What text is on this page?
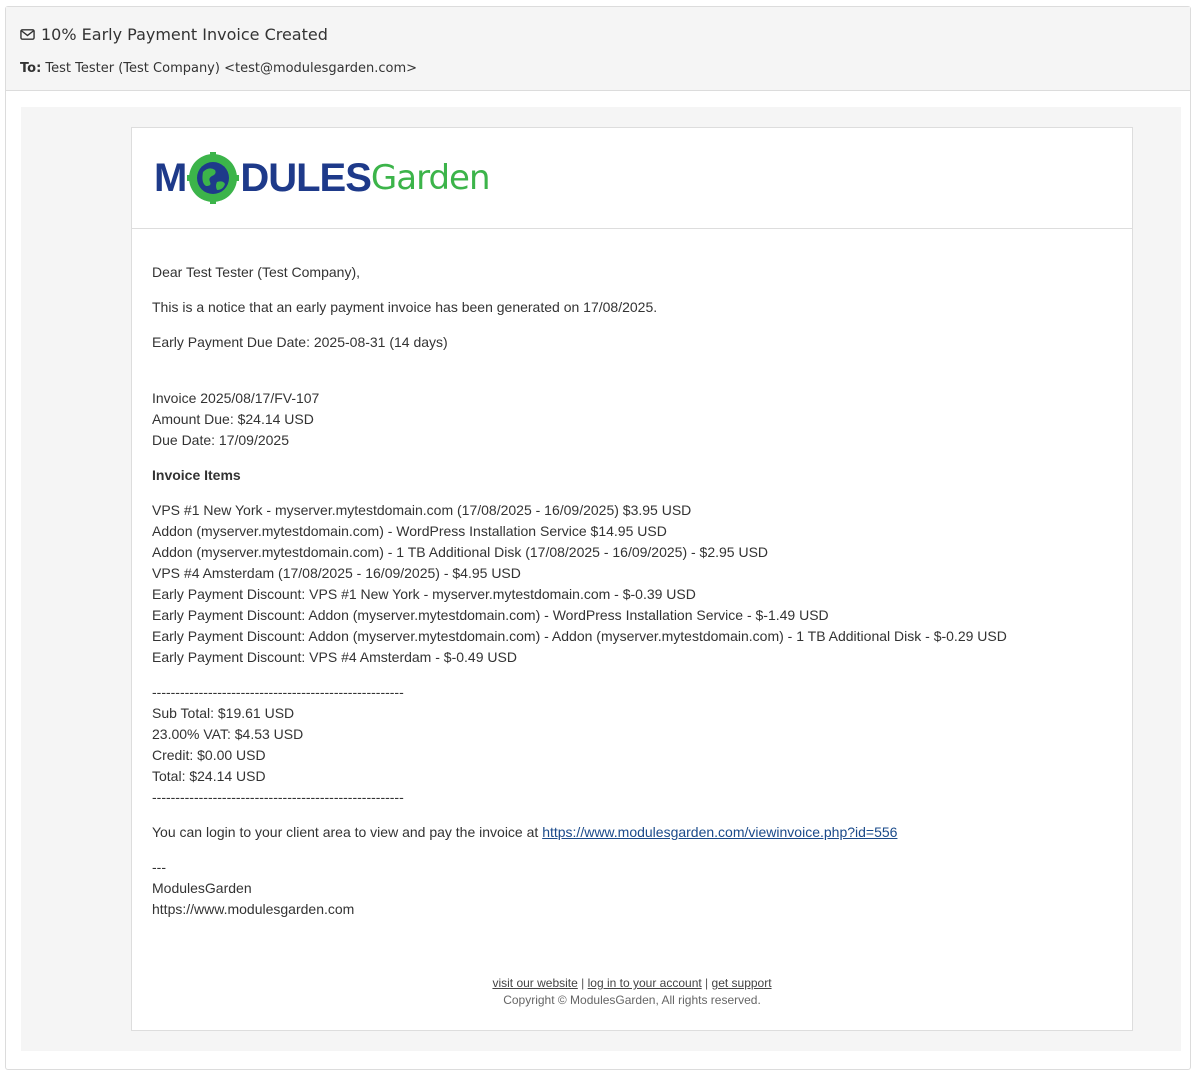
10% Early Payment Invoice Created
To: Test Tester (Test Company) <test@modulesgarden.com>
M DULES Garden
Dear Test Tester (Test Company),
This is a notice that an early payment invoice has been generated on 17/08/2025.
Early Payment Due Date: 2025-08-31 (14 days)
Invoice 2025/08/17/FV-107
Amount Due: $24.14 USD
Due Date: 17/09/2025
Invoice Items
VPS #1 New York - myserver.mytestdomain.com (17/08/2025 - 16/09/2025) $3.95 USD
Addon (myserver.mytestdomain.com) - WordPress Installation Service $14.95 USD
Addon (myserver.mytestdomain.com) - 1 TB Additional Disk (17/08/2025 - 16/09/2025) - $2.95 USD
VPS #4 Amsterdam (17/08/2025 - 16/09/2025) - $4.95 USD
Early Payment Discount: VPS #1 New York - myserver.mytestdomain.com - $-0.39 USD
Early Payment Discount: Addon (myserver.mytestdomain.com) - WordPress Installation Service - $-1.49 USD
Early Payment Discount: Addon (myserver.mytestdomain.com) - Addon (myserver.mytestdomain.com) - 1 TB Additional Disk - $-0.29 USD
Early Payment Discount: VPS #4 Amsterdam - $-0.49 USD
------------------------------------------------------
Sub Total: $19.61 USD
23.00% VAT: $4.53 USD
Credit: $0.00 USD
Total: $24.14 USD
------------------------------------------------------
You can login to your client area to view and pay the invoice at https://www.modulesgarden.com/viewinvoice.php?id=556
---
ModulesGarden
https://www.modulesgarden.com
visit our website | log in to your account | get support
Copyright © ModulesGarden, All rights reserved.
